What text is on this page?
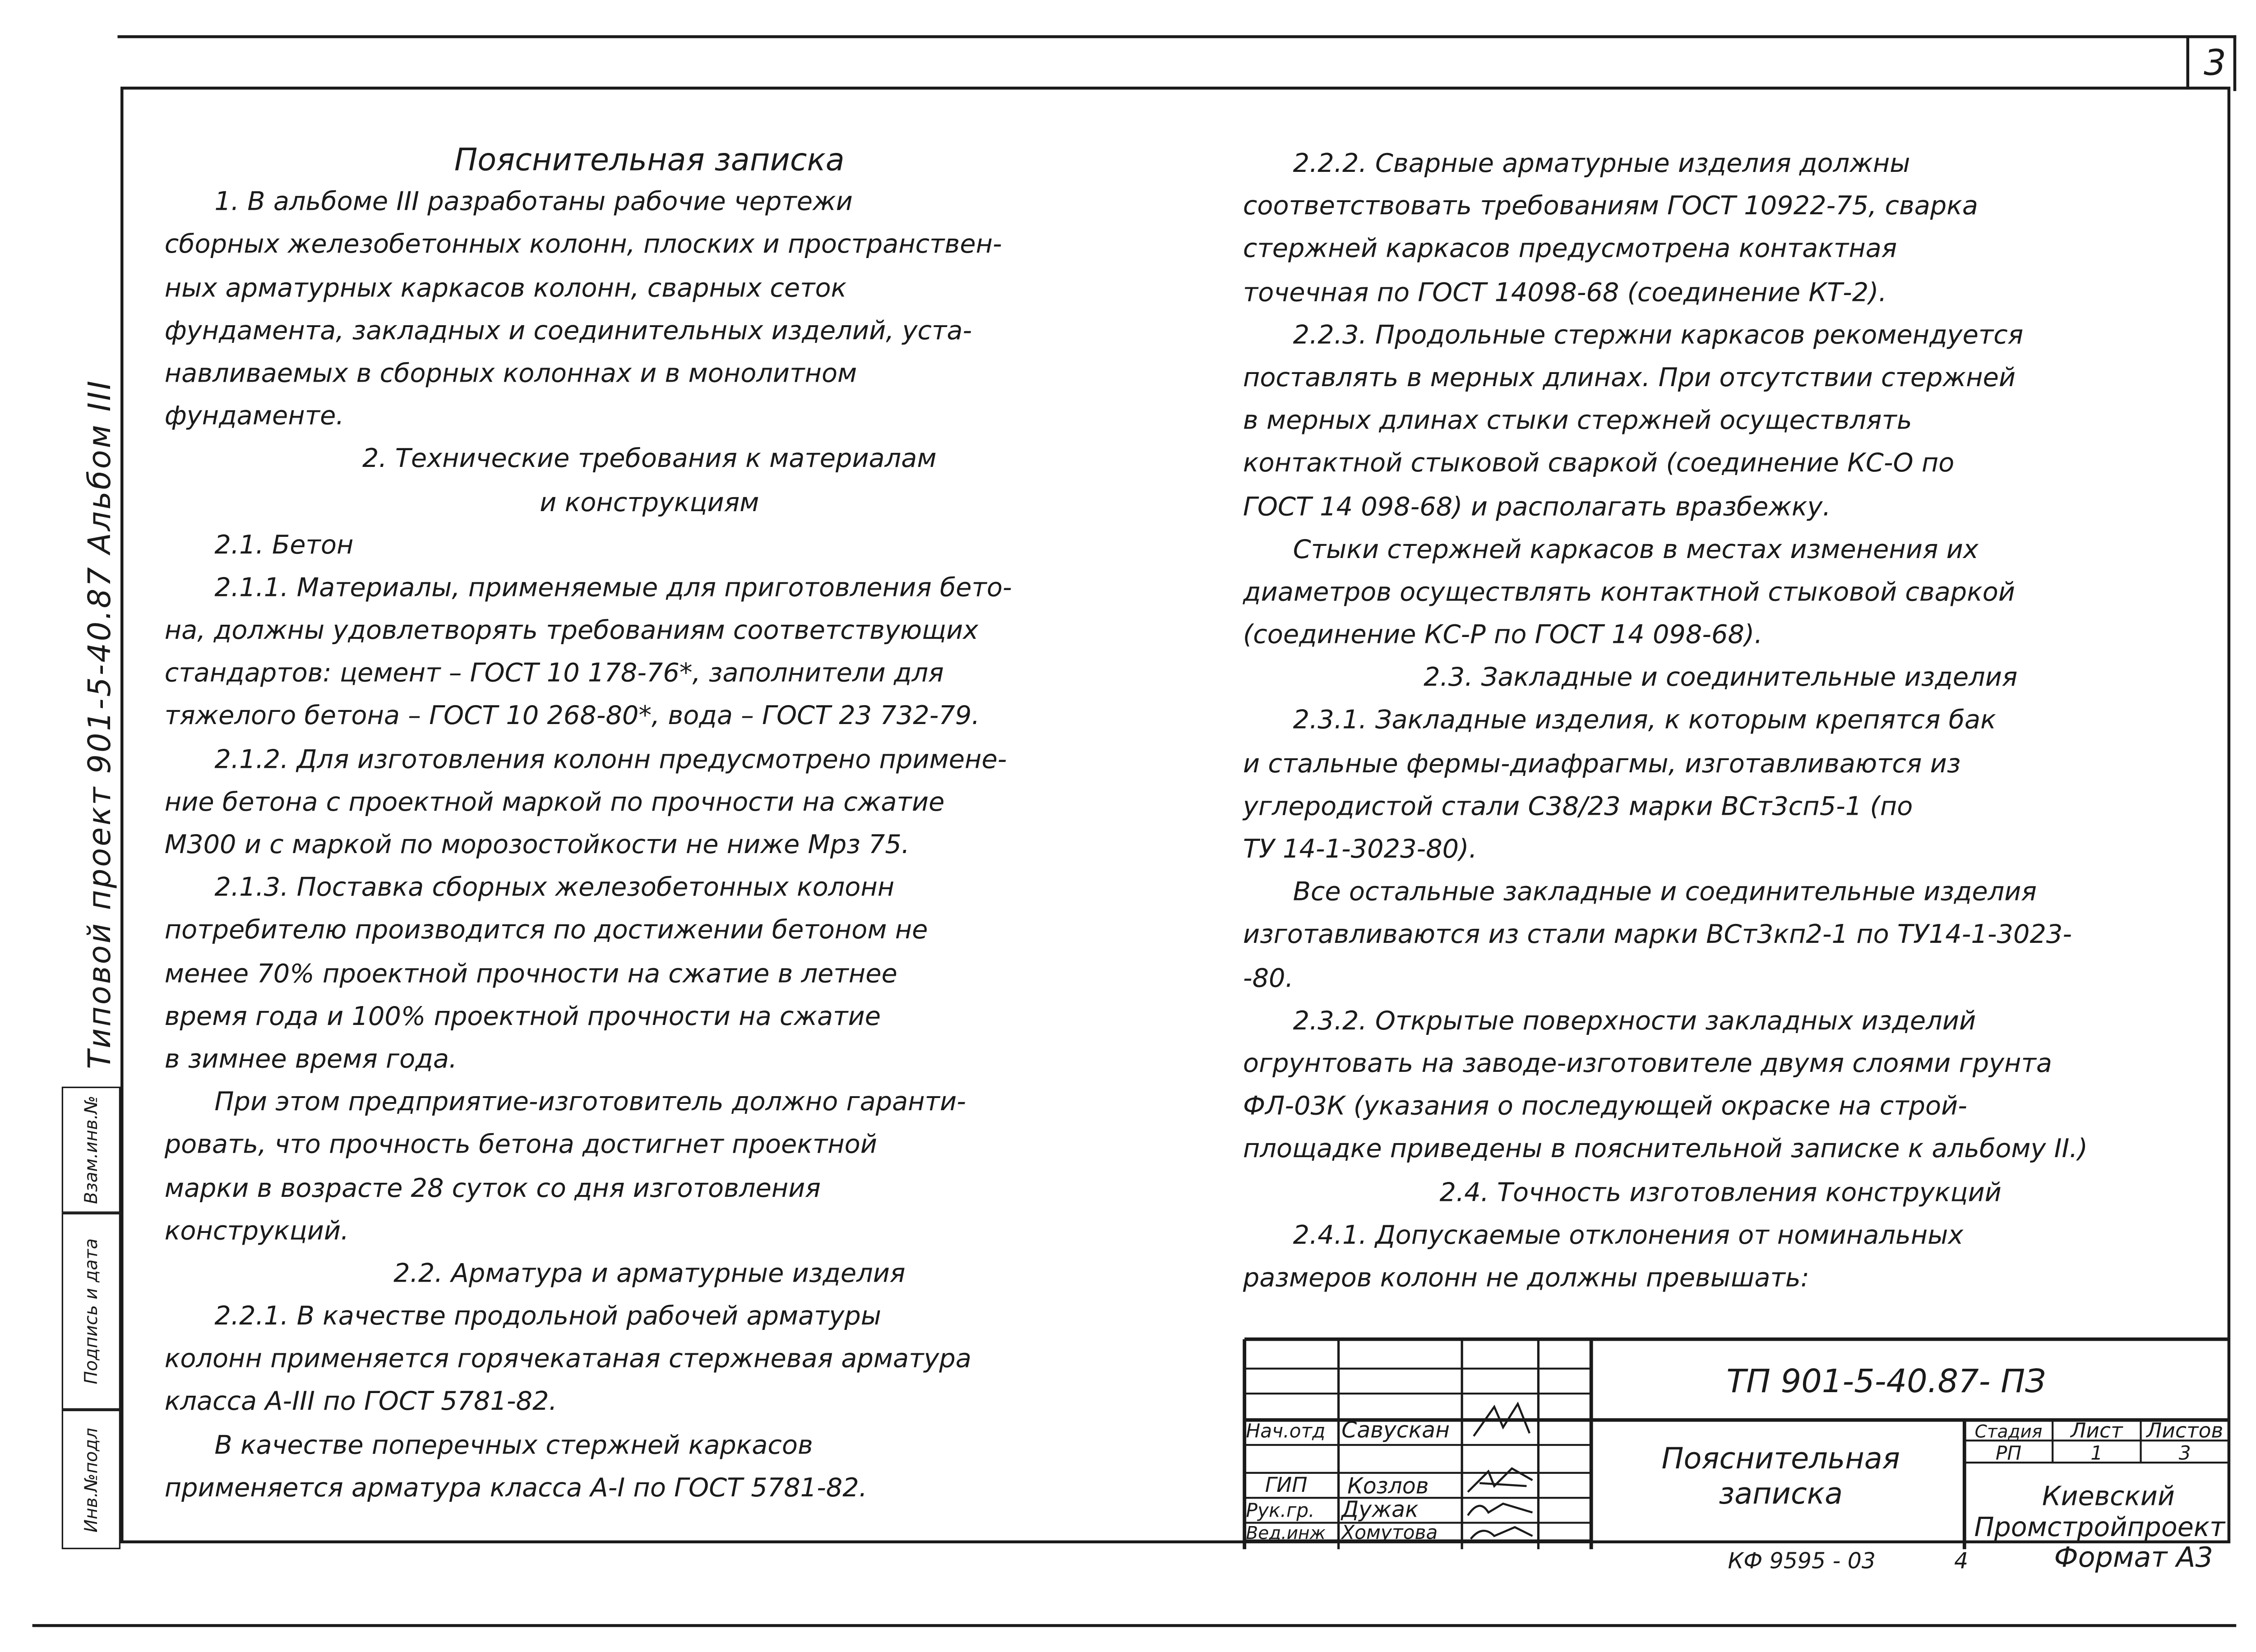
3
Типовой проект 901-5-40.87 Альбом III
Взам.инв.№
Подпись и дата
Инв.№подл
Пояснительная записка
1. В альбоме III разработаны рабочие чертежи
сборных железобетонных колонн, плоских и пространствен-
ных арматурных каркасов колонн, сварных сеток
фундамента, закладных и соединительных изделий, уста-
навливаемых в сборных колоннах и в монолитном
фундаменте.
2. Технические требования к материалам
и конструкциям
2.1. Бетон
2.1.1. Материалы, применяемые для приготовления бето-
на, должны удовлетворять требованиям соответствующих
стандартов: цемент – ГОСТ 10 178-76*, заполнители для
тяжелого бетона – ГОСТ 10 268-80*, вода – ГОСТ 23 732-79.
2.1.2. Для изготовления колонн предусмотрено примене-
ние бетона с проектной маркой по прочности на сжатие
М300 и с маркой по морозостойкости не ниже Мрз 75.
2.1.3. Поставка сборных железобетонных колонн
потребителю производится по достижении бетоном не
менее 70% проектной прочности на сжатие в летнее
время года и 100% проектной прочности на сжатие
в зимнее время года.
При этом предприятие-изготовитель должно гаранти-
ровать, что прочность бетона достигнет проектной
марки в возрасте 28 суток со дня изготовления
конструкций.
2.2. Арматура и арматурные изделия
2.2.1. В качестве продольной рабочей арматуры
колонн применяется горячекатаная стержневая арматура
класса А-III по ГОСТ 5781-82.
В качестве поперечных стержней каркасов
применяется арматура класса А-I по ГОСТ 5781-82.
2.2.2. Сварные арматурные изделия должны
соответствовать требованиям ГОСТ 10922-75, сварка
стержней каркасов предусмотрена контактная
точечная по ГОСТ 14098-68 (соединение КТ-2).
2.2.3. Продольные стержни каркасов рекомендуется
поставлять в мерных длинах. При отсутствии стержней
в мерных длинах стыки стержней осуществлять
контактной стыковой сваркой (соединение КС-О по
ГОСТ 14 098-68) и располагать вразбежку.
Стыки стержней каркасов в местах изменения их
диаметров осуществлять контактной стыковой сваркой
(соединение КС-Р по ГОСТ 14 098-68).
2.3. Закладные и соединительные изделия
2.3.1. Закладные изделия, к которым крепятся бак
и стальные фермы-диафрагмы, изготавливаются из
углеродистой стали С38/23 марки ВСт3сп5-1 (по
ТУ 14-1-3023-80).
Все остальные закладные и соединительные изделия
изготавливаются из стали марки ВСт3кп2-1 по ТУ14-1-3023-
-80.
2.3.2. Открытые поверхности закладных изделий
огрунтовать на заводе-изготовителе двумя слоями грунта
ФЛ-03К (указания о последующей окраске на строй-
площадке приведены в пояснительной записке к альбому II.)
2.4. Точность изготовления конструкций
2.4.1. Допускаемые отклонения от номинальных
размеров колонн не должны превышать:
ТП 901-5-40.87- ПЗ
Пояснительная
записка
Стадия	Лист	Листов
РП	1	3
Киевский
Промстройпроект
Нач.отд Савускан
ГИП	Козлов
Рук.гр.	Дужак
Вед.инж	Хомутова
КФ 9595 - 03	4	Формат A3
